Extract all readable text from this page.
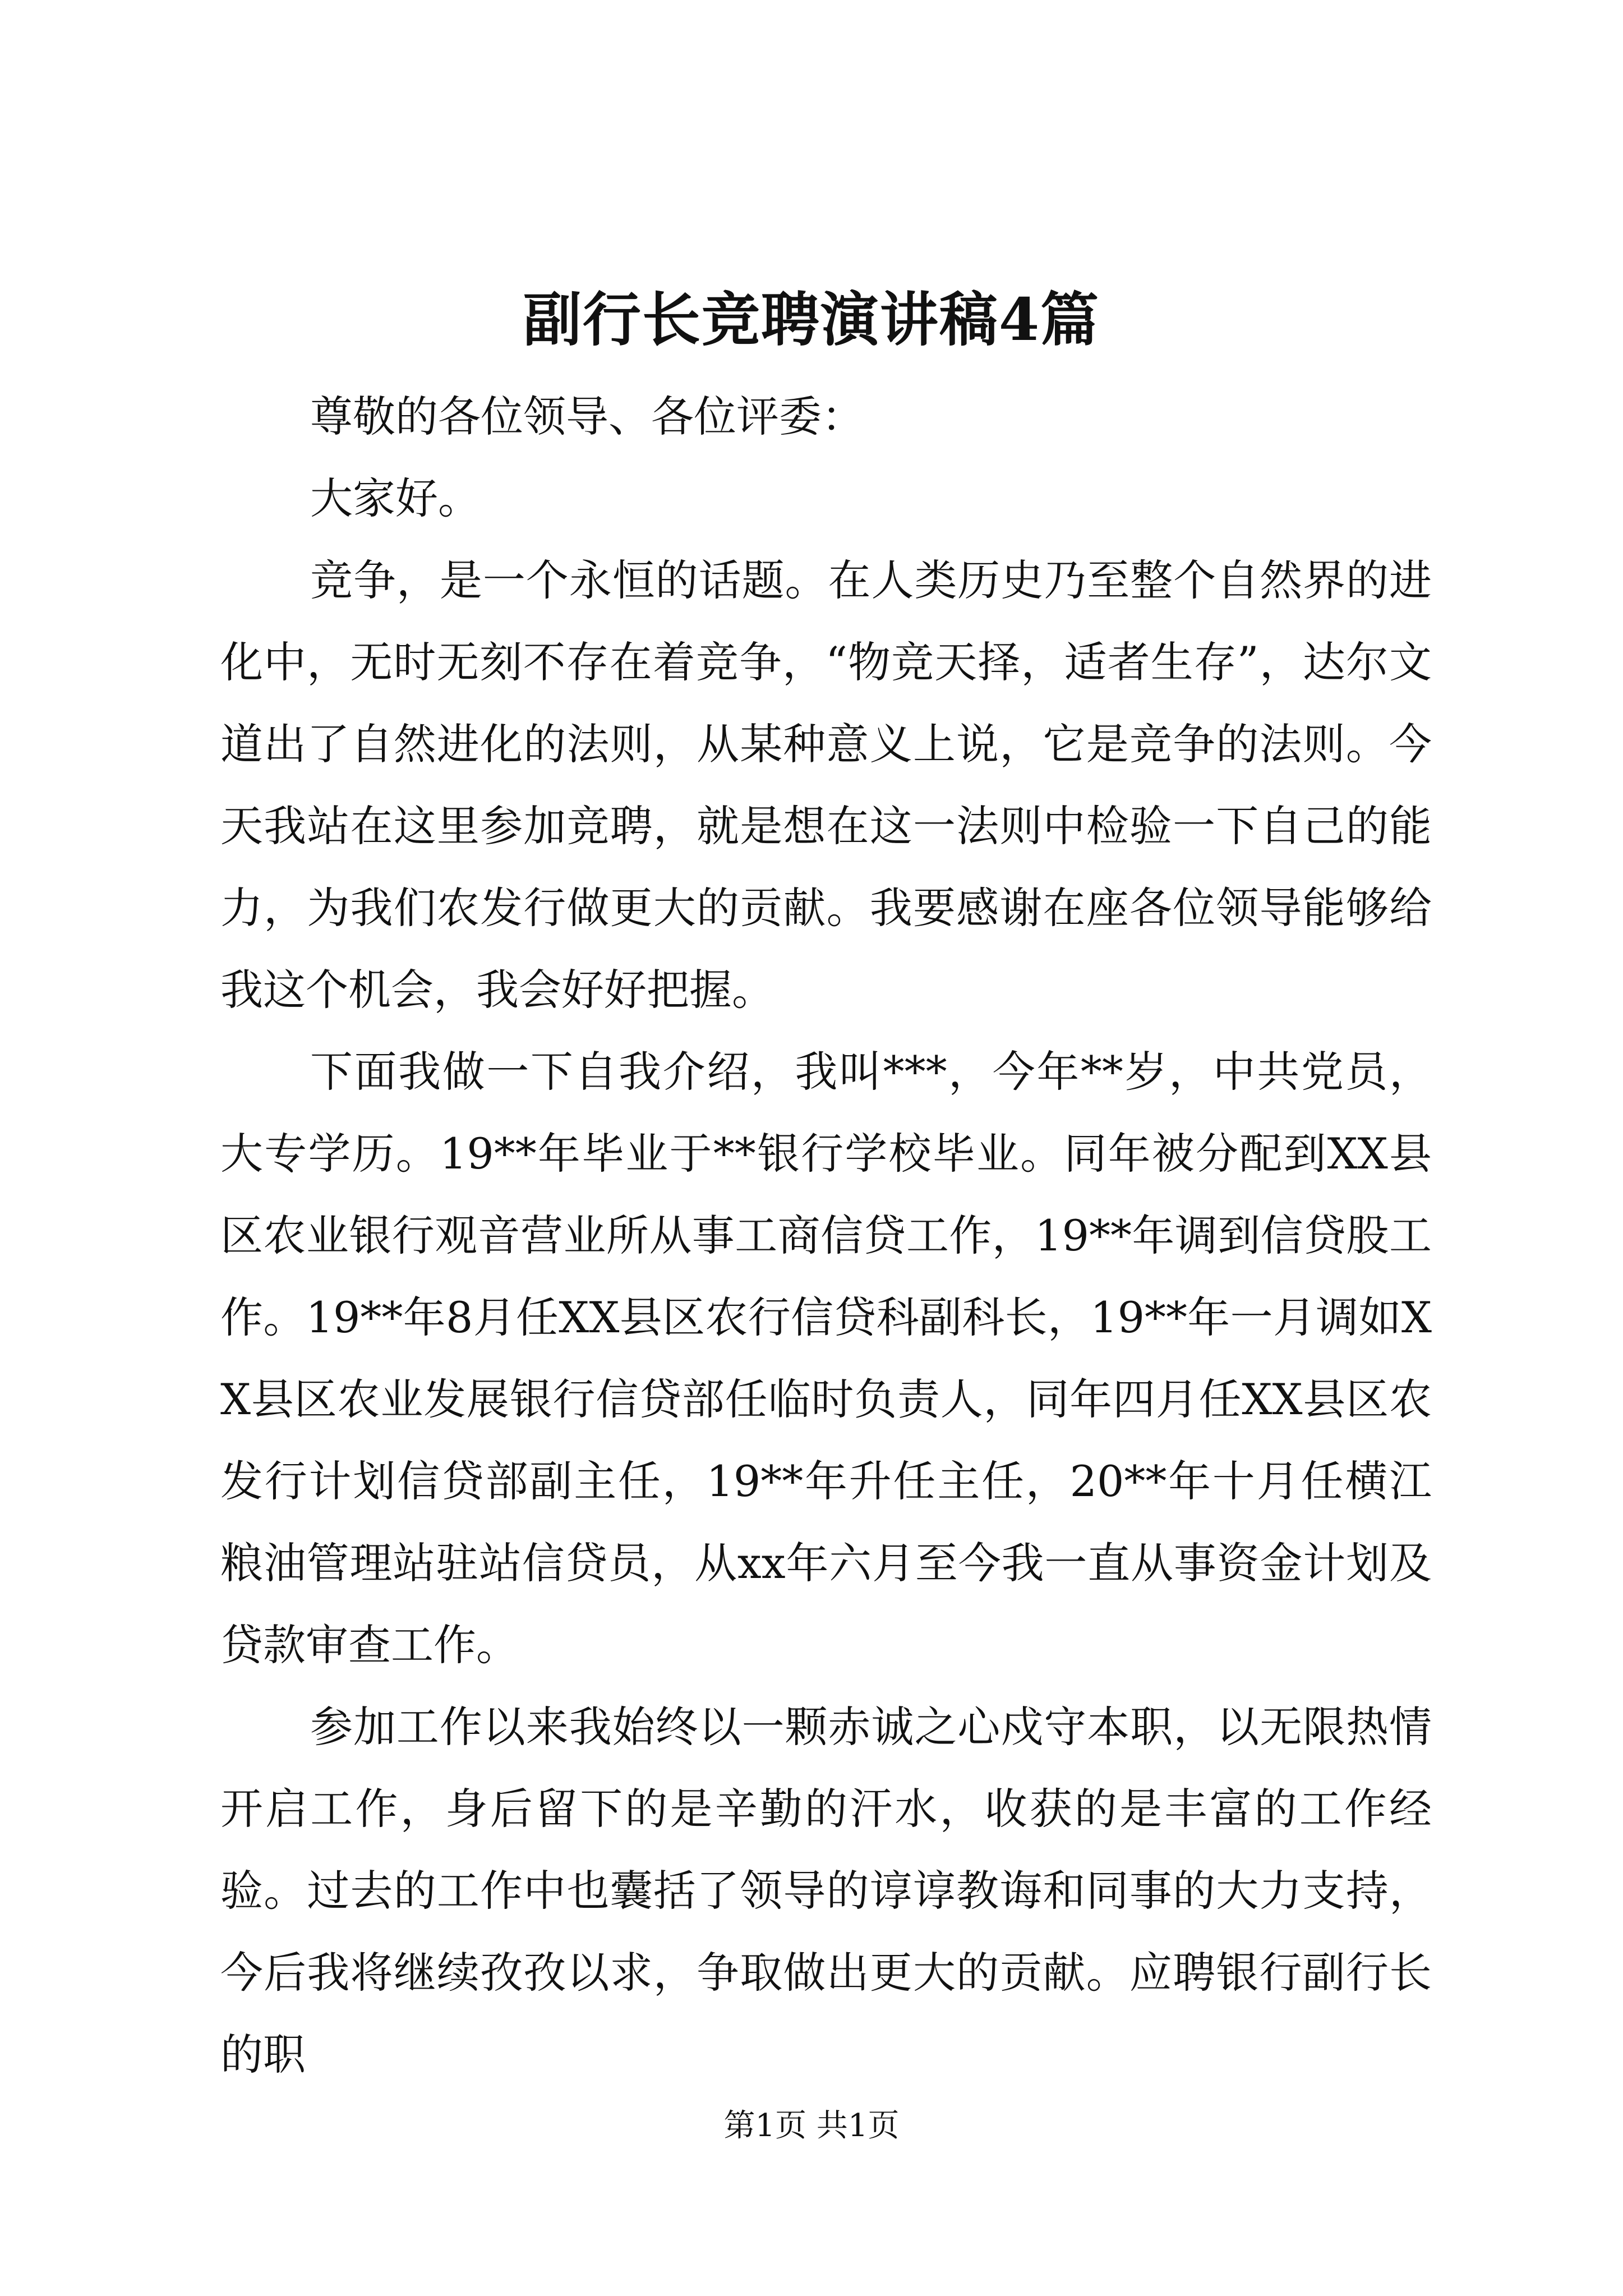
副行长竞聘演讲稿4篇

尊敬的各位领导、各位评委：

大家好。

竞争，是一个永恒的话题。在人类历史乃至整个自然界的进化中，无时无刻不存在着竞争，“物竞天择，适者生存”，达尔文道出了自然进化的法则，从某种意义上说，它是竞争的法则。今天我站在这里参加竞聘，就是想在这一法则中检验一下自己的能力，为我们农发行做更大的贡献。我要感谢在座各位领导能够给我这个机会，我会好好把握。

下面我做一下自我介绍，我叫***，今年**岁，中共党员，大专学历。19**年毕业于**银行学校毕业。同年被分配到XX县区农业银行观音营业所从事工商信贷工作，19**年调到信贷股工作。19**年8月任XX县区农行信贷科副科长，19**年一月调如XX县区农业发展银行信贷部任临时负责人，同年四月任XX县区农发行计划信贷部副主任，19**年升任主任，20**年十月任横江粮油管理站驻站信贷员，从xx年六月至今我一直从事资金计划及贷款审查工作。

参加工作以来我始终以一颗赤诚之心戍守本职，以无限热情开启工作，身后留下的是辛勤的汗水，收获的是丰富的工作经验。过去的工作中也囊括了领导的谆谆教诲和同事的大力支持，今后我将继续孜孜以求，争取做出更大的贡献。应聘银行副行长的职

第1页 共1页
